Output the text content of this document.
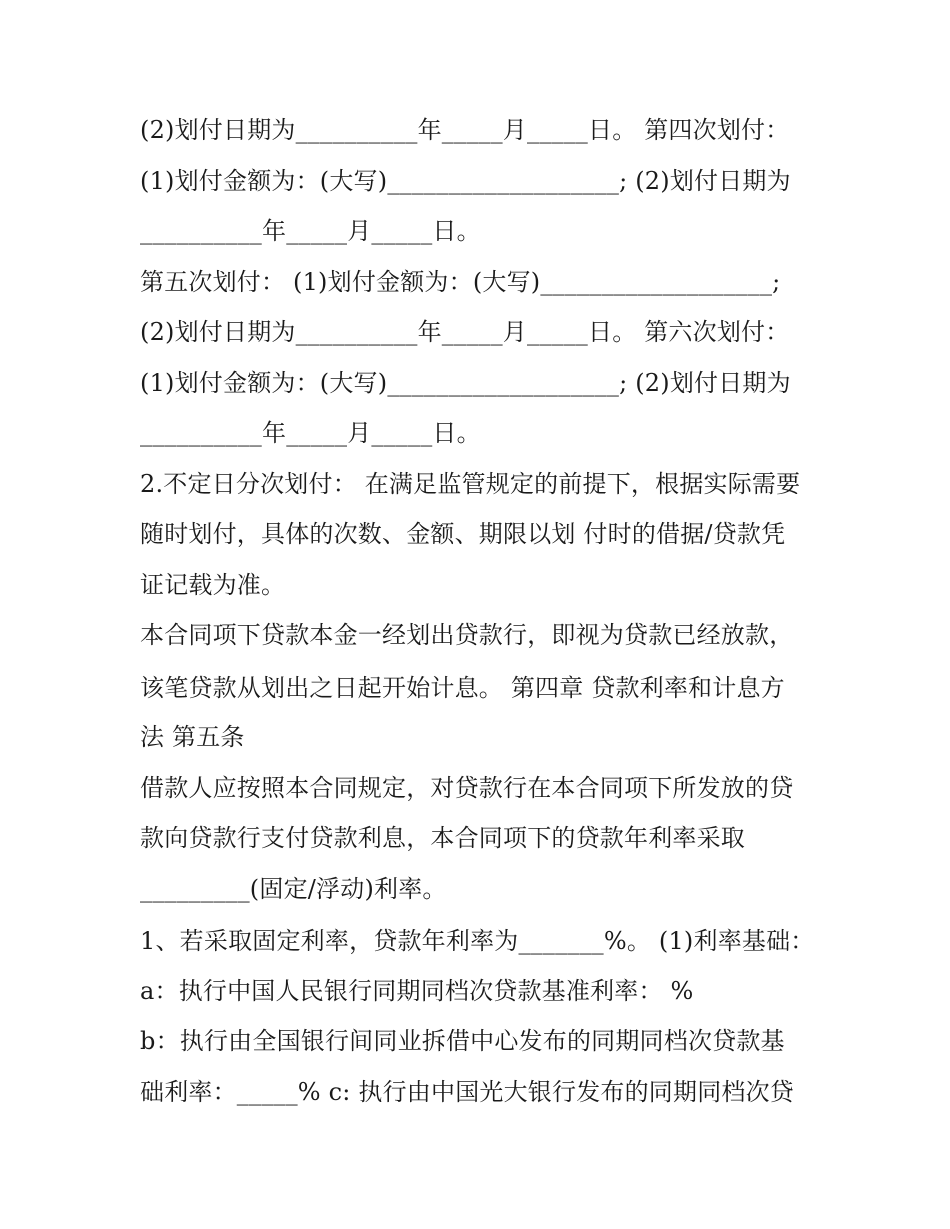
(2)划付日期为__________年_____月_____日。 第四次划付：
(1)划付金额为：(大写)___________________; (2)划付日期为
__________年_____月_____日。
第五次划付： (1)划付金额为：(大写)___________________;
(2)划付日期为__________年_____月_____日。 第六次划付：
(1)划付金额为：(大写)___________________; (2)划付日期为
__________年_____月_____日。
2.不定日分次划付： 在满足监管规定的前提下，根据实际需要
随时划付，具体的次数、金额、期限以划 付时的借据/贷款凭
证记载为准。
本合同项下贷款本金一经划出贷款行，即视为贷款已经放款，
该笔贷款从划出之日起开始计息。 第四章 贷款利率和计息方
法 第五条
借款人应按照本合同规定，对贷款行在本合同项下所发放的贷
款向贷款行支付贷款利息，本合同项下的贷款年利率采取
_________(固定/浮动)利率。
1、若采取固定利率，贷款年利率为_______%。 (1)利率基础：
a：执行中国人民银行同期同档次贷款基准利率： %
b：执行由全国银行间同业拆借中心发布的同期同档次贷款基
础利率：_____% c: 执行由中国光大银行发布的同期同档次贷
